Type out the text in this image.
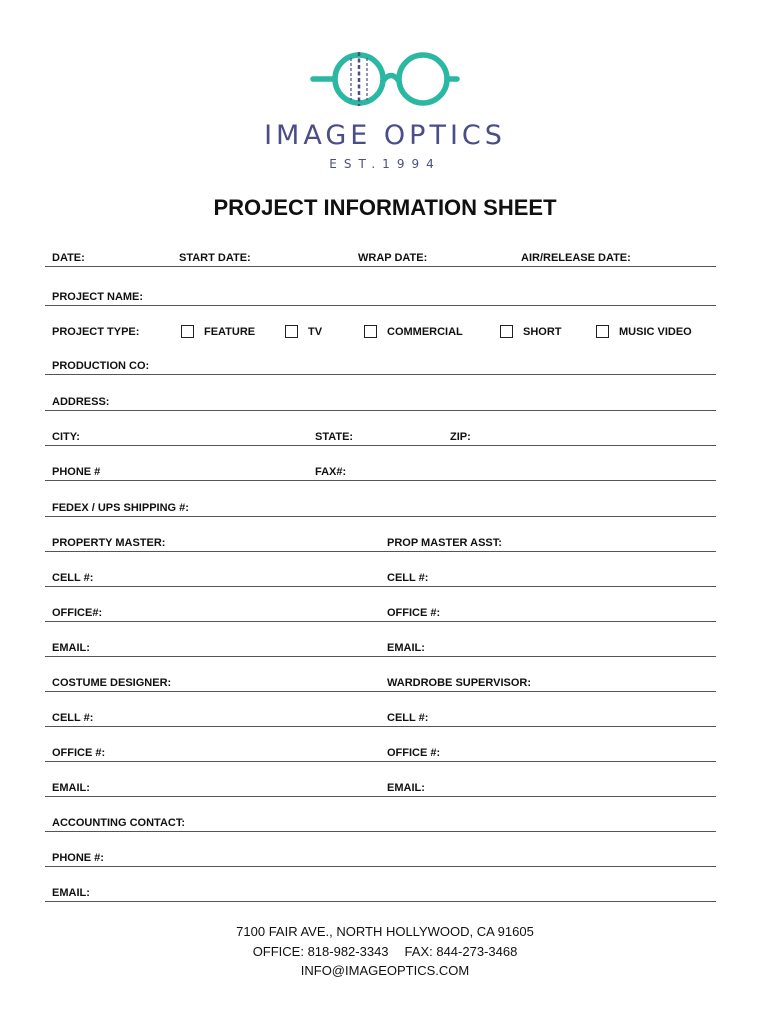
IMAGE OPTICS
EST.1994
PROJECT INFORMATION SHEET
DATE:	START DATE:	WRAP DATE:	AIR/RELEASE DATE:
PROJECT NAME:
PROJECT TYPE:	FEATURE	TV	COMMERCIAL	SHORT	MUSIC VIDEO
PRODUCTION CO:
ADDRESS:
CITY:	STATE:	ZIP:
PHONE #	FAX#:
FEDEX / UPS SHIPPING #:
PROPERTY MASTER:	PROP MASTER ASST:
CELL #:	CELL #:
OFFICE#:	OFFICE #:
EMAIL:	EMAIL:
COSTUME DESIGNER:	WARDROBE SUPERVISOR:
CELL #:	CELL #:
OFFICE #:	OFFICE #:
EMAIL:	EMAIL:
ACCOUNTING CONTACT:
PHONE #:
EMAIL:
7100 FAIR AVE., NORTH HOLLYWOOD, CA 91605
OFFICE: 818-982-3343 FAX: 844-273-3468
INFO@IMAGEOPTICS.COM
